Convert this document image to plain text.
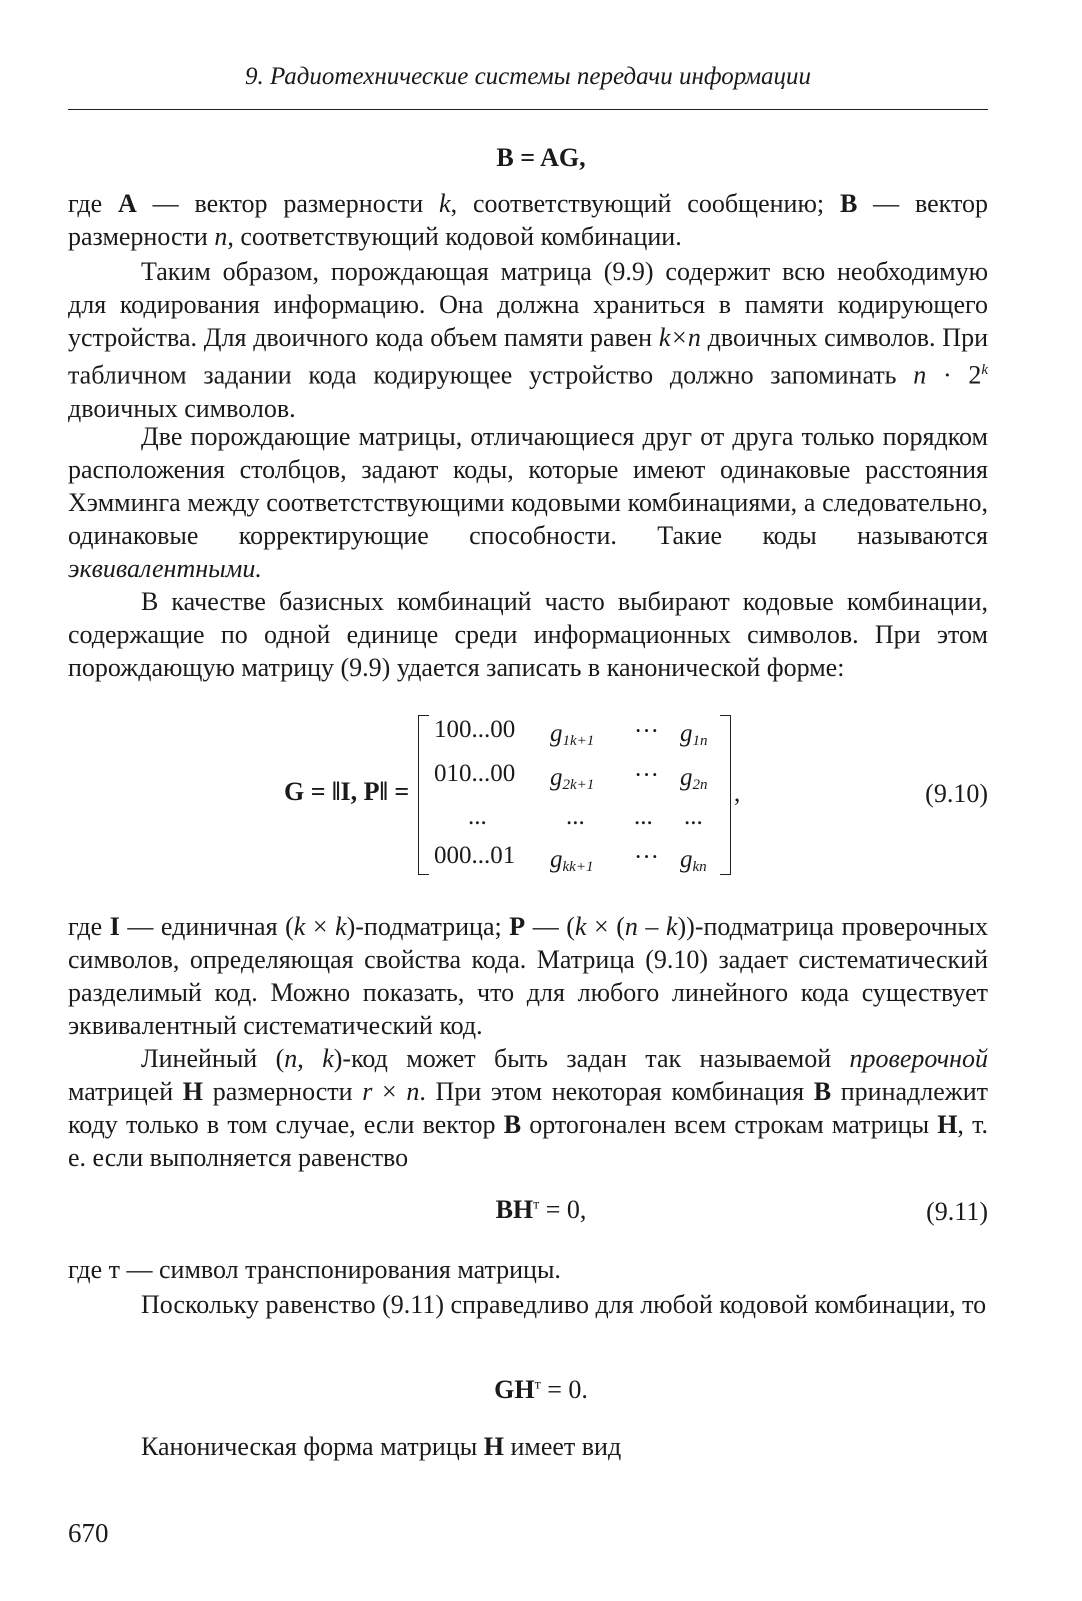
9. Радиотехнические системы передачи информации
B = AG,
где A — вектор размерности k, соответствующий сообщению; B — вектор размерности n, соответствующий кодовой комбинации.
Таким образом, порождающая матрица (9.9) содержит всю необходимую для кодирования информацию. Она должна храниться в памяти кодирующего устройства. Для двоичного кода объем памяти равен k×n двоичных символов. При табличном задании кода кодирующее устройство должно запоминать $n \cdot 2^k$ двоичных символов.
Две порождающие матрицы, отличающиеся друг от друга только порядком расположения столбцов, задают коды, которые имеют одинаковые расстояния Хэмминга между соответстствующими кодовыми комбинациями, а следовательно, одинаковые корректирующие способности. Такие коды называются эквивалентными.
В качестве базисных комбинаций часто выбирают кодовые комбинации, содержащие по одной единице среди информационных символов. При этом порождающую матрицу (9.9) удается записать в канонической форме:
G = ‖I, P‖ =
100...00 $g_{1k+1}$ ··· $g_{1n}$
010...00 $g_{2k+1}$ ··· $g_{2n}$
...	... ... ...
000...01 $g_{kk+1}$ ··· $g_{kn}$
,	(9.10)
где I — единичная (k × k)-подматрица; P — (k × (n – k))-подматрица проверочных символов, определяющая свойства кода. Матрица (9.10) задает систематический разделимый код. Можно показать, что для любого линейного кода существует эквивалентный систематический код.
Линейный (n, k)-код может быть задан так называемой проверочной матрицей H размерности r × n. При этом некоторая комбинация B принадлежит коду только в том случае, если вектор B ортогонален всем строкам матрицы H, т. е. если выполняется равенство
$BH^т = 0$,	(9.11)
где т — символ транспонирования матрицы.
Поскольку равенство (9.11) справедливо для любой кодовой комбинации, то
$GH^т = 0$.
Каноническая форма матрицы H имеет вид
670
